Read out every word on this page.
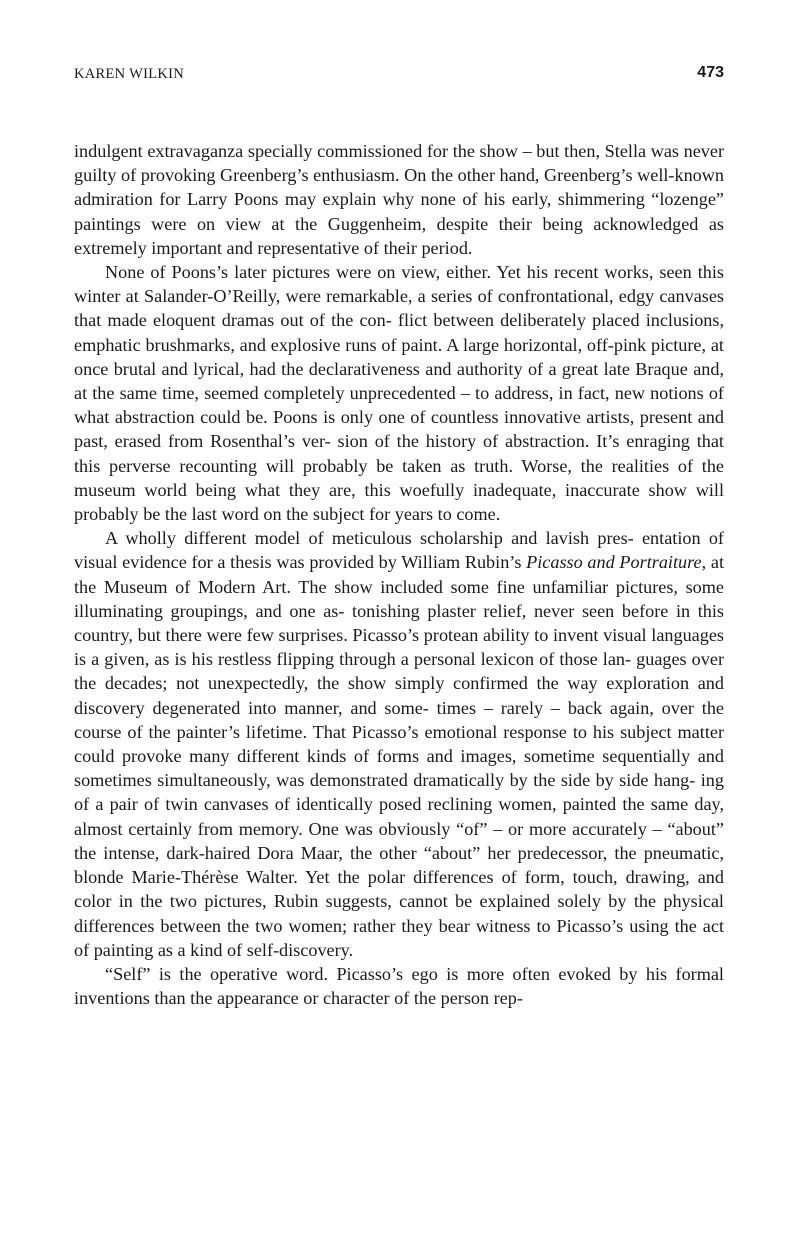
KAREN WILKIN	473

indulgent extravaganza specially commissioned for the show – but then, Stella was never guilty of provoking Greenberg’s enthusiasm. On the other hand, Greenberg’s well-known admiration for Larry Poons may explain why none of his early, shimmering “lozenge” paintings were on view at the Guggenheim, despite their being acknowledged as extremely important and representative of their period.

None of Poons’s later pictures were on view, either. Yet his recent works, seen this winter at Salander-O’Reilly, were remarkable, a series of confrontational, edgy canvases that made eloquent dramas out of the con- flict between deliberately placed inclusions, emphatic brushmarks, and explosive runs of paint. A large horizontal, off-pink picture, at once brutal and lyrical, had the declarativeness and authority of a great late Braque and, at the same time, seemed completely unprecedented – to address, in fact, new notions of what abstraction could be. Poons is only one of countless innovative artists, present and past, erased from Rosenthal’s ver- sion of the history of abstraction. It’s enraging that this perverse recounting will probably be taken as truth. Worse, the realities of the museum world being what they are, this woefully inadequate, inaccurate show will probably be the last word on the subject for years to come.

A wholly different model of meticulous scholarship and lavish pres- entation of visual evidence for a thesis was provided by William Rubin’s Picasso and Portraiture, at the Museum of Modern Art. The show included some fine unfamiliar pictures, some illuminating groupings, and one as- tonishing plaster relief, never seen before in this country, but there were few surprises. Picasso’s protean ability to invent visual languages is a given, as is his restless flipping through a personal lexicon of those lan- guages over the decades; not unexpectedly, the show simply confirmed the way exploration and discovery degenerated into manner, and some- times – rarely – back again, over the course of the painter’s lifetime. That Picasso’s emotional response to his subject matter could provoke many different kinds of forms and images, sometime sequentially and sometimes simultaneously, was demonstrated dramatically by the side by side hang- ing of a pair of twin canvases of identically posed reclining women, painted the same day, almost certainly from memory. One was obviously “of” – or more accurately – “about” the intense, dark-haired Dora Maar, the other “about” her predecessor, the pneumatic, blonde Marie-Thérèse Walter. Yet the polar differences of form, touch, drawing, and color in the two pictures, Rubin suggests, cannot be explained solely by the physical differences between the two women; rather they bear witness to Picasso’s using the act of painting as a kind of self-discovery.

“Self” is the operative word. Picasso’s ego is more often evoked by his formal inventions than the appearance or character of the person rep-
